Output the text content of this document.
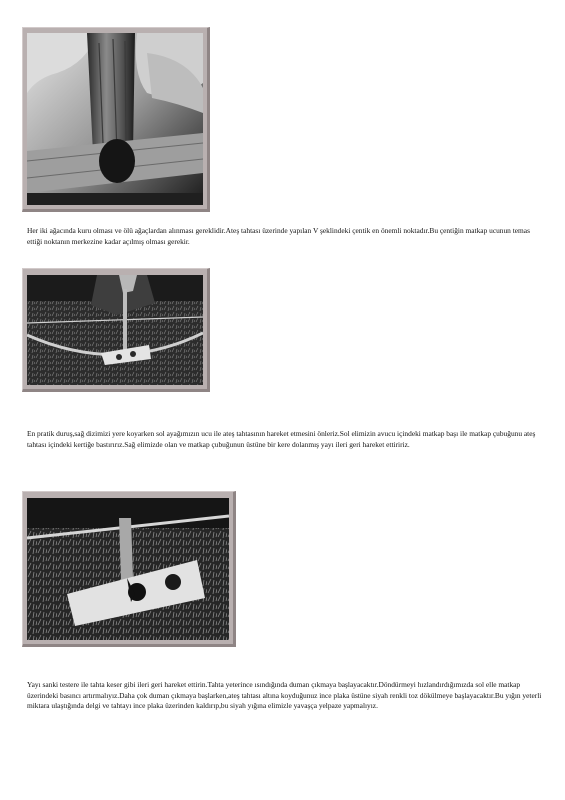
Her iki ağacında kuru olması ve ölü ağaçlardan alınması gereklidir.Ateş tahtası üzerinde yapılan V şeklindeki çentik en önemli noktadır.Bu çentiğin matkap ucunun temas ettiği noktanın merkezine kadar açılmış olması gerekir.

En pratik duruş,sağ dizimizi yere koyarken sol ayağımızın ucu ile ateş tahtasının hareket etmesini önleriz.Sol elimizin avucu içindeki matkap başı ile matkap çubuğunu ateş tahtası içindeki kertiğe bastırırız.Sağ elimizde olan ve matkap çubuğunun üstüne bir kere dolanmış yayı ileri geri hareket ettiririz.

Yayı sanki testere ile tahta keser gibi ileri geri hareket ettirin.Tahta yeterince ısındığında duman çıkmaya başlayacaktır.Döndürmeyi hızlandırdığımızda sol elle matkap üzerindeki basıncı artırmalıyız.Daha çok duman çıkmaya başlarken,ateş tahtası altına koyduğunuz ince plaka üstüne siyah renkli toz dökülmeye başlayacaktır.Bu yığın yeterli miktara ulaştığında delgi ve tahtayı ince plaka üzerinden kaldırıp,bu siyah yığına elimizle yavaşça yelpaze yapmalıyız.
